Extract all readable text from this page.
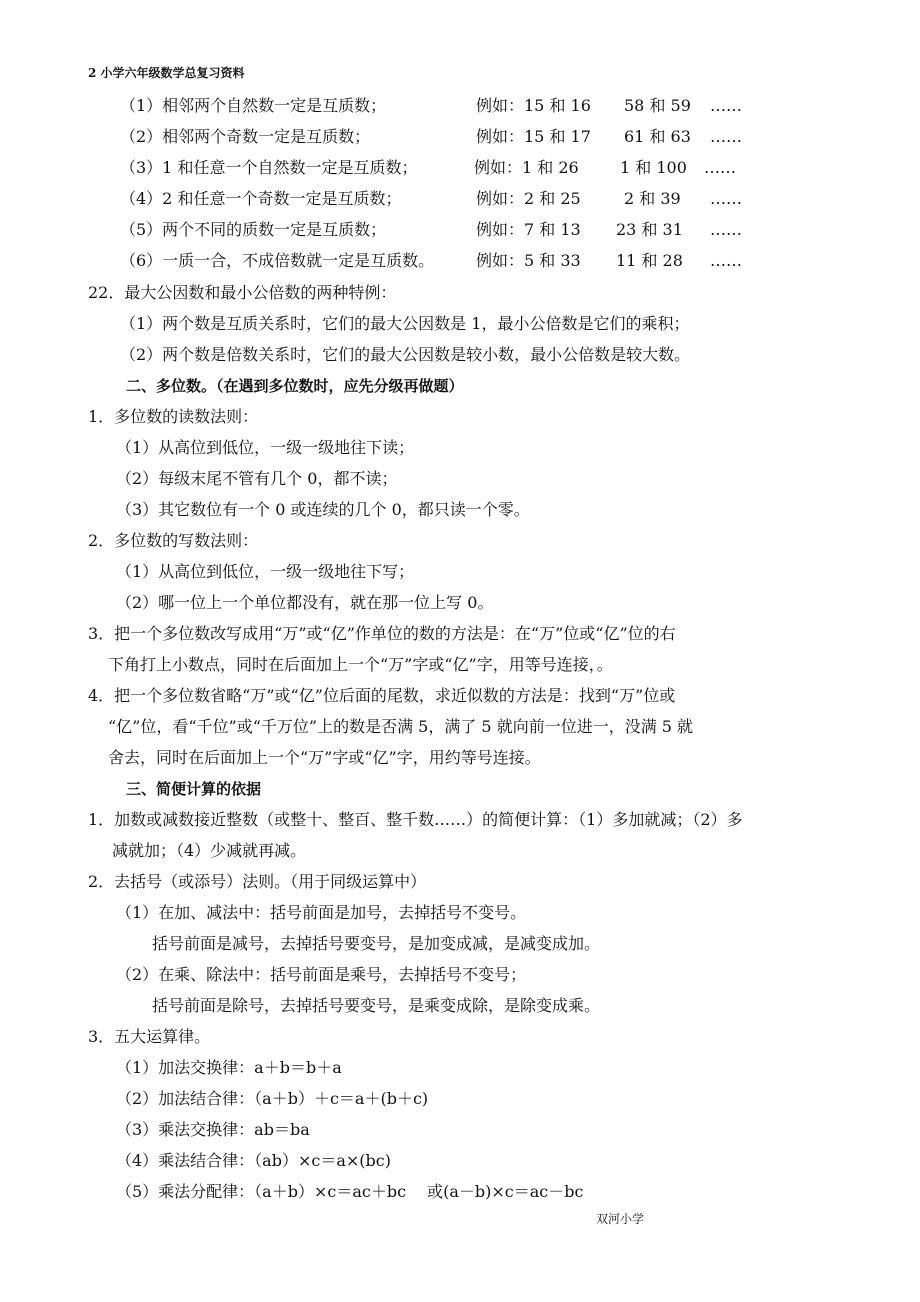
2 小学六年级数学总复习资料
（1）相邻两个自然数一定是互质数；	例如：15 和 16 58 和 59 ……
（2）相邻两个奇数一定是互质数；	例如：15 和 17 61 和 63 ……
（3）1 和任意一个自然数一定是互质数；	例如：1 和 26	1 和 100 ……
（4）2 和任意一个奇数一定是互质数；	例如：2 和 25	2 和 39 ……
（5）两个不同的质数一定是互质数；	例如：7 和 13 23 和 31 ……
（6）一质一合，不成倍数就一定是互质数。	例如：5 和 33 11 和 28 ……
22．最大公因数和最小公倍数的两种特例：
（1）两个数是互质关系时，它们的最大公因数是 1，最小公倍数是它们的乘积；
（2）两个数是倍数关系时，它们的最大公因数是较小数，最小公倍数是较大数。
二、多位数。（在遇到多位数时，应先分级再做题）
1．多位数的读数法则：
（1）从高位到低位，一级一级地往下读；
（2）每级末尾不管有几个 0，都不读；
（3）其它数位有一个 0 或连续的几个 0，都只读一个零。
2．多位数的写数法则：
（1）从高位到低位，一级一级地往下写；
（2）哪一位上一个单位都没有，就在那一位上写 0。
3．把一个多位数改写成用“万”或“亿”作单位的数的方法是：在“万”位或“亿”位的右
下角打上小数点，同时在后面加上一个“万”字或“亿”字，用等号连接，。
4．把一个多位数省略“万”或“亿”位后面的尾数，求近似数的方法是：找到“万”位或
“亿”位，看“千位”或“千万位”上的数是否满 5，满了 5 就向前一位进一，没满 5 就
舍去，同时在后面加上一个“万”字或“亿”字，用约等号连接。
三、简便计算的依据
1．加数或减数接近整数（或整十、整百、整千数……）的简便计算：（1）多加就减；（2）多
减就加；（4）少减就再减。
2．去括号（或添号）法则。（用于同级运算中）
（1）在加、减法中：括号前面是加号，去掉括号不变号。
括号前面是减号，去掉括号要变号，是加变成减，是减变成加。
（2）在乘、除法中：括号前面是乘号，去掉括号不变号；
括号前面是除号，去掉括号要变号，是乘变成除，是除变成乘。
3．五大运算律。
（1）加法交换律：a＋b＝b＋a
（2）加法结合律：（a＋b）＋c＝a＋(b＋c)
（3）乘法交换律：ab＝ba
（4）乘法结合律：（ab）×c＝a×(bc)
（5）乘法分配律：（a＋b）×c＝ac＋bc　 或(a－b)×c＝ac－bc
双河小学
